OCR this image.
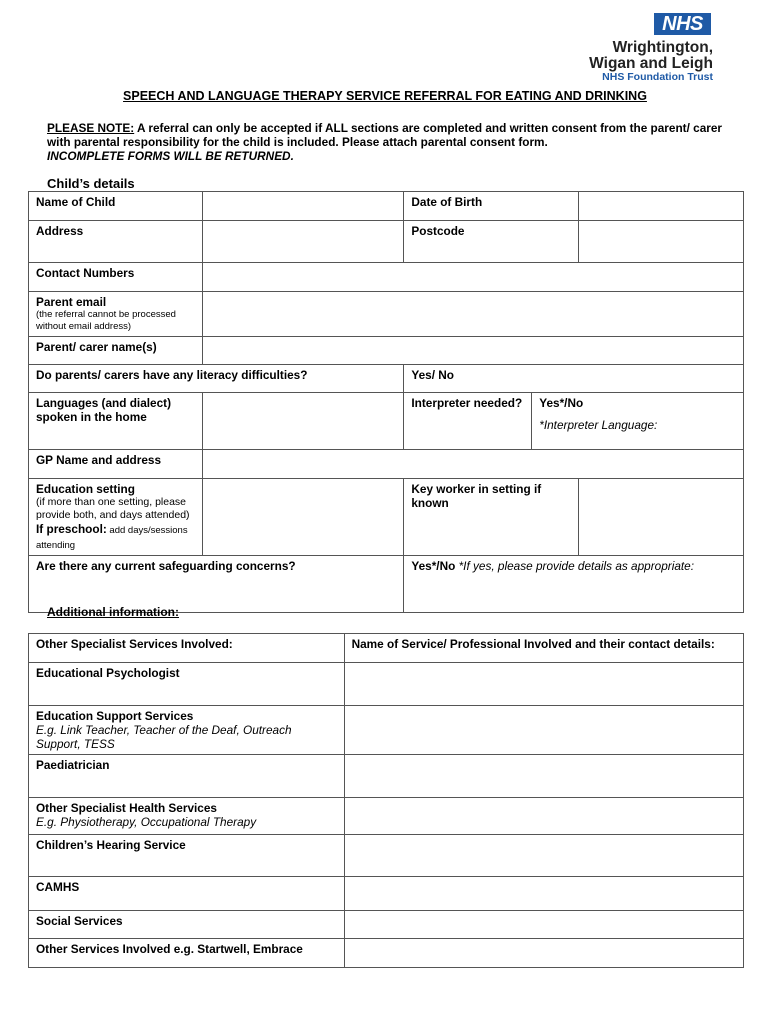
NHS
Wrightington,
Wigan and Leigh
NHS Foundation Trust
SPEECH AND LANGUAGE THERAPY SERVICE REFERRAL FOR EATING AND DRINKING
PLEASE NOTE: A referral can only be accepted if ALL sections are completed and written consent from the parent/ carer with parental responsibility for the child is included. Please attach parental consent form.
INCOMPLETE FORMS WILL BE RETURNED.
Child’s details
Name of Child		Date of Birth		
Address		Postcode		
Contact Numbers				

Parent email
(the referral cannot be processed without email address)				

Parent/ carer name(s)				
Do parents/ carers have any literacy difficulties?		Yes/ No		
Languages (and dialect) spoken in the home		Interpreter needed?	Yes*/No
*Interpreter Language:	

GP Name and address				

Education setting
(if more than one setting, please provide both, and days attended)
If preschool: add days/sessions attending		Key worker in setting if known		
Are there any current safeguarding concerns?		Yes*/No *If yes, please provide details as appropriate:		
Additional information:
Other Specialist Services Involved:	Name of Service/ Professional Involved and their contact details:
Educational Psychologist	

Education Support Services
E.g. Link Teacher, Teacher of the Deaf, Outreach Support, TESS	

Paediatrician	

Other Specialist Health Services
E.g. Physiotherapy, Occupational Therapy	

Children’s Hearing Service	
CAMHS	
Social Services	
Other Services Involved e.g. Startwell, Embrace	
